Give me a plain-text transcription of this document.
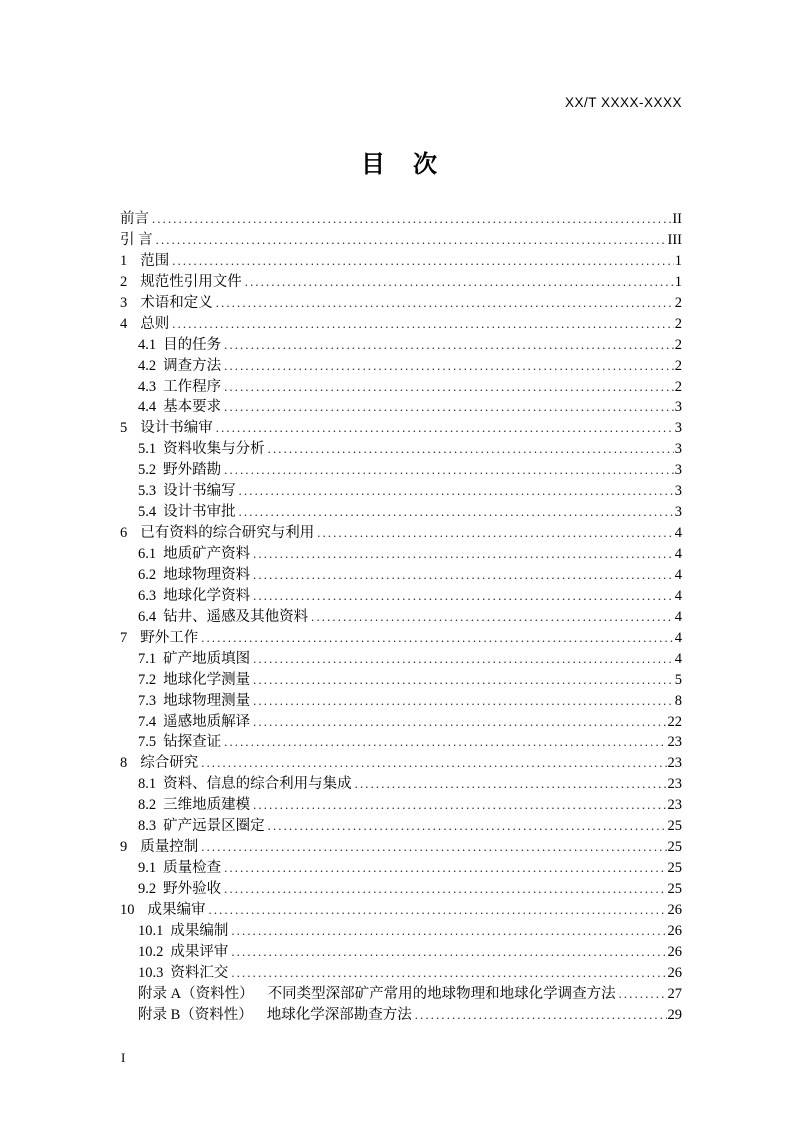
XX/T XXXX-XXXX
目　次
前言 .....	II
引 言 .....	III
1 范围 .....	1
2 规范性引用文件 .....	1
3 术语和定义 .....	2
4 总则 .....	2
4.1 目的任务 .....	2
4.2 调查方法 .....	2
4.3 工作程序 .....	2
4.4 基本要求 .....	3
5 设计书编审 .....	3
5.1 资料收集与分析 .....	3
5.2 野外踏勘 .....	3
5.3 设计书编写 .....	3
5.4 设计书审批 .....	3
6 已有资料的综合研究与利用 .....	4
6.1 地质矿产资料 .....	4
6.2 地球物理资料 .....	4
6.3 地球化学资料 .....	4
6.4 钻井、遥感及其他资料 .....	4
7 野外工作 .....	4
7.1 矿产地质填图 .....	4
7.2 地球化学测量 .....	5
7.3 地球物理测量 .....	8
7.4 遥感地质解译 .....	22
7.5 钻探查证 .....	23
8 综合研究 .....	23
8.1 资料、信息的综合利用与集成 .....	23
8.2 三维地质建模 .....	23
8.3 矿产远景区圈定 .....	25
9 质量控制 .....	25
9.1 质量检查 .....	25
9.2 野外验收 .....	25
10 成果编审 .....	26
10.1 成果编制 .....	26
10.2 成果评审 .....	26
10.3 资料汇交 .....	26
附录 A（资料性） 不同类型深部矿产常用的地球物理和地球化学调查方法 .....	27
附录 B（资料性） 地球化学深部勘查方法 .....	29
I
